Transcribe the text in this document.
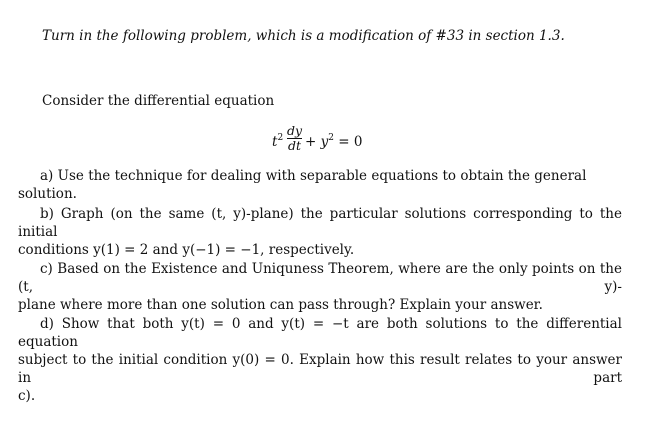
Turn in the following problem, which is a modification of #33 in section 1.3.
Consider the differential equation
$t^2 \frac{dy}{dt} + y^2 = 0$
a) Use the technique for dealing with separable equations to obtain the general solution.
b) Graph (on the same (t, y)-plane) the particular solutions corresponding to the initial
conditions y(1) = 2 and y(−1) = −1, respectively.
c) Based on the Existence and Uniquness Theorem, where are the only points on the (t, y)-
plane where more than one solution can pass through? Explain your answer.
d) Show that both y(t) = 0 and y(t) = −t are both solutions to the differential equation
subject to the initial condition y(0) = 0. Explain how this result relates to your answer in part
c).
